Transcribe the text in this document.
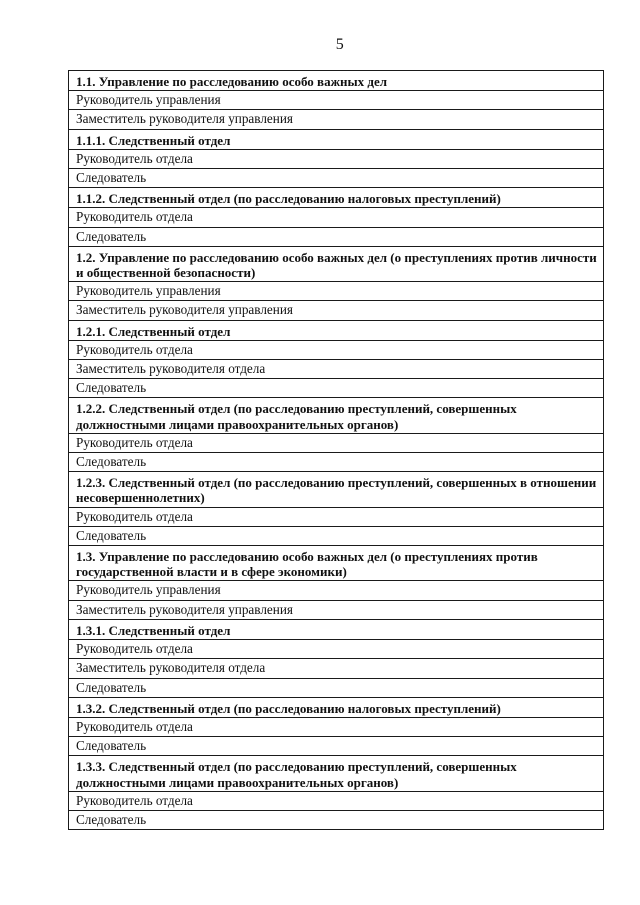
5
1.1. Управление по расследованию особо важных дел
Руководитель управления
Заместитель руководителя управления
1.1.1. Следственный отдел
Руководитель отдела
Следователь
1.1.2. Следственный отдел (по расследованию налоговых преступлений)
Руководитель отдела
Следователь
1.2. Управление по расследованию особо важных дел (о преступлениях против личности и общественной безопасности)
Руководитель управления
Заместитель руководителя управления
1.2.1. Следственный отдел
Руководитель отдела
Заместитель руководителя отдела
Следователь
1.2.2. Следственный отдел (по расследованию преступлений, совершенных должностными лицами правоохранительных органов)
Руководитель отдела
Следователь
1.2.3. Следственный отдел (по расследованию преступлений, совершенных в отношении несовершеннолетних)
Руководитель отдела
Следователь
1.3. Управление по расследованию особо важных дел (о преступлениях против государственной власти и в сфере экономики)
Руководитель управления
Заместитель руководителя управления
1.3.1. Следственный отдел
Руководитель отдела
Заместитель руководителя отдела
Следователь
1.3.2. Следственный отдел (по расследованию налоговых преступлений)
Руководитель отдела
Следователь
1.3.3. Следственный отдел (по расследованию преступлений, совершенных должностными лицами правоохранительных органов)
Руководитель отдела
Следователь
